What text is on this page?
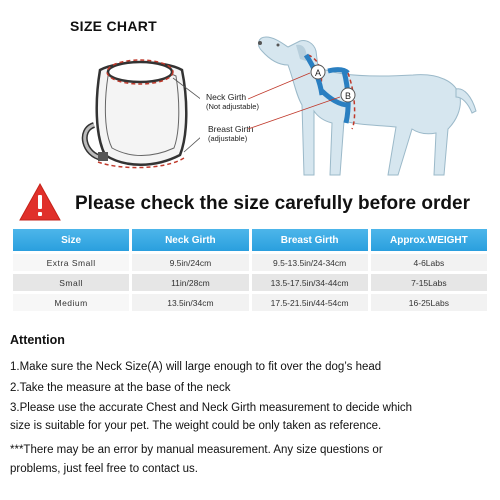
SIZE CHART
Neck Girth
(Not adjustable)
Breast Girth
(adjustable)
A
B
Please check the size carefully before order
Size	Neck Girth	Breast Girth	Approx.WEIGHT
Extra Small	9.5in/24cm	9.5-13.5in/24-34cm	4-6Labs
Small	11in/28cm	13.5-17.5in/34-44cm	7-15Labs
Medium	13.5in/34cm	17.5-21.5in/44-54cm	16-25Labs
Attention
1.Make sure the Neck Size(A) will large enough to fit over the dog’s head
2.Take the measure at the base of the neck
3.Please use the accurate Chest and Neck Girth measurement to decide which
size is suitable for your pet. The weight could be only taken as reference.
***There may be an error by manual measurement. Any size questions or
problems, just feel free to contact us.
